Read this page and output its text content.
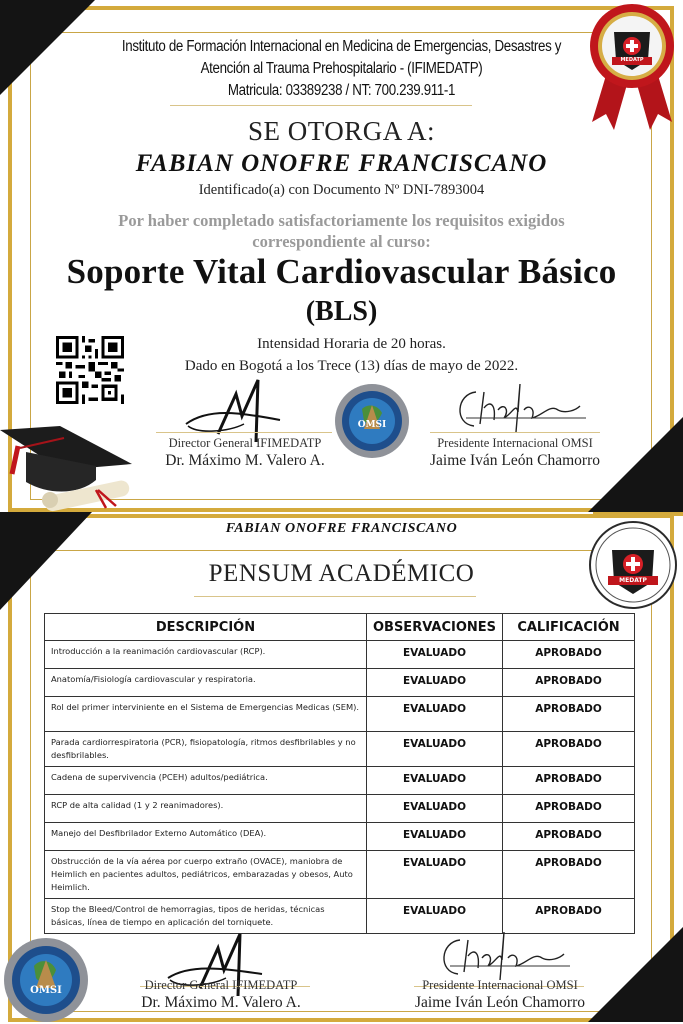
Instituto de Formación Internacional en Medicina de Emergencias, Desastres y
Atención al Trauma Prehospitalario - (IFIMEDATP)
Matricula: 03389238 / NT: 700.239.911-1
MEDATP
SE OTORGA A:
FABIAN ONOFRE FRANCISCANO
Identificado(a) con Documento Nº DNI-7893004
Por haber completado satisfactoriamente los requisitos exigidos
correspondiente al curso:
Soporte Vital Cardiovascular Básico
(BLS)
Intensidad Horaria de 20 horas.
Dado en Bogotá a los Trece (13) días de mayo de 2022.
Director General IFIMEDATP
Dr. Máximo M. Valero A.
OMSI
Presidente Internacional OMSI
Jaime Iván León Chamorro
FABIAN ONOFRE FRANCISCANO
PENSUM ACADÉMICO	MEDATP
DESCRIPCIÓN	OBSERVACIONES	CALIFICACIÓN
Introducción a la reanimación cardiovascular (RCP).	EVALUADO	APROBADO
Anatomía/Fisiología cardiovascular y respiratoria.	EVALUADO	APROBADO
Rol del primer interviniente en el Sistema de Emergencias Medicas (SEM).	EVALUADO	APROBADO
Parada cardiorrespiratoria (PCR), fisiopatología, ritmos desfibrilables y no desfibrilables.	EVALUADO	APROBADO
Cadena de supervivencia (PCEH) adultos/pediátrica.	EVALUADO	APROBADO
RCP de alta calidad (1 y 2 reanimadores).	EVALUADO	APROBADO
Manejo del Desfibrilador Externo Automático (DEA).	EVALUADO	APROBADO
Obstrucción de la vía aérea por cuerpo extraño (OVACE), maniobra de Heimlich en pacientes adultos, pediátricos, embarazadas y obesos, Auto Heimlich.	EVALUADO	APROBADO
Stop the Bleed/Control de hemorragias, tipos de heridas, técnicas básicas, línea de tiempo en aplicación del torniquete.	EVALUADO	APROBADO
OMSI	Director General IFIMEDATP
Dr. Máximo M. Valero A.
Presidente Internacional OMSI
Jaime Iván León Chamorro
